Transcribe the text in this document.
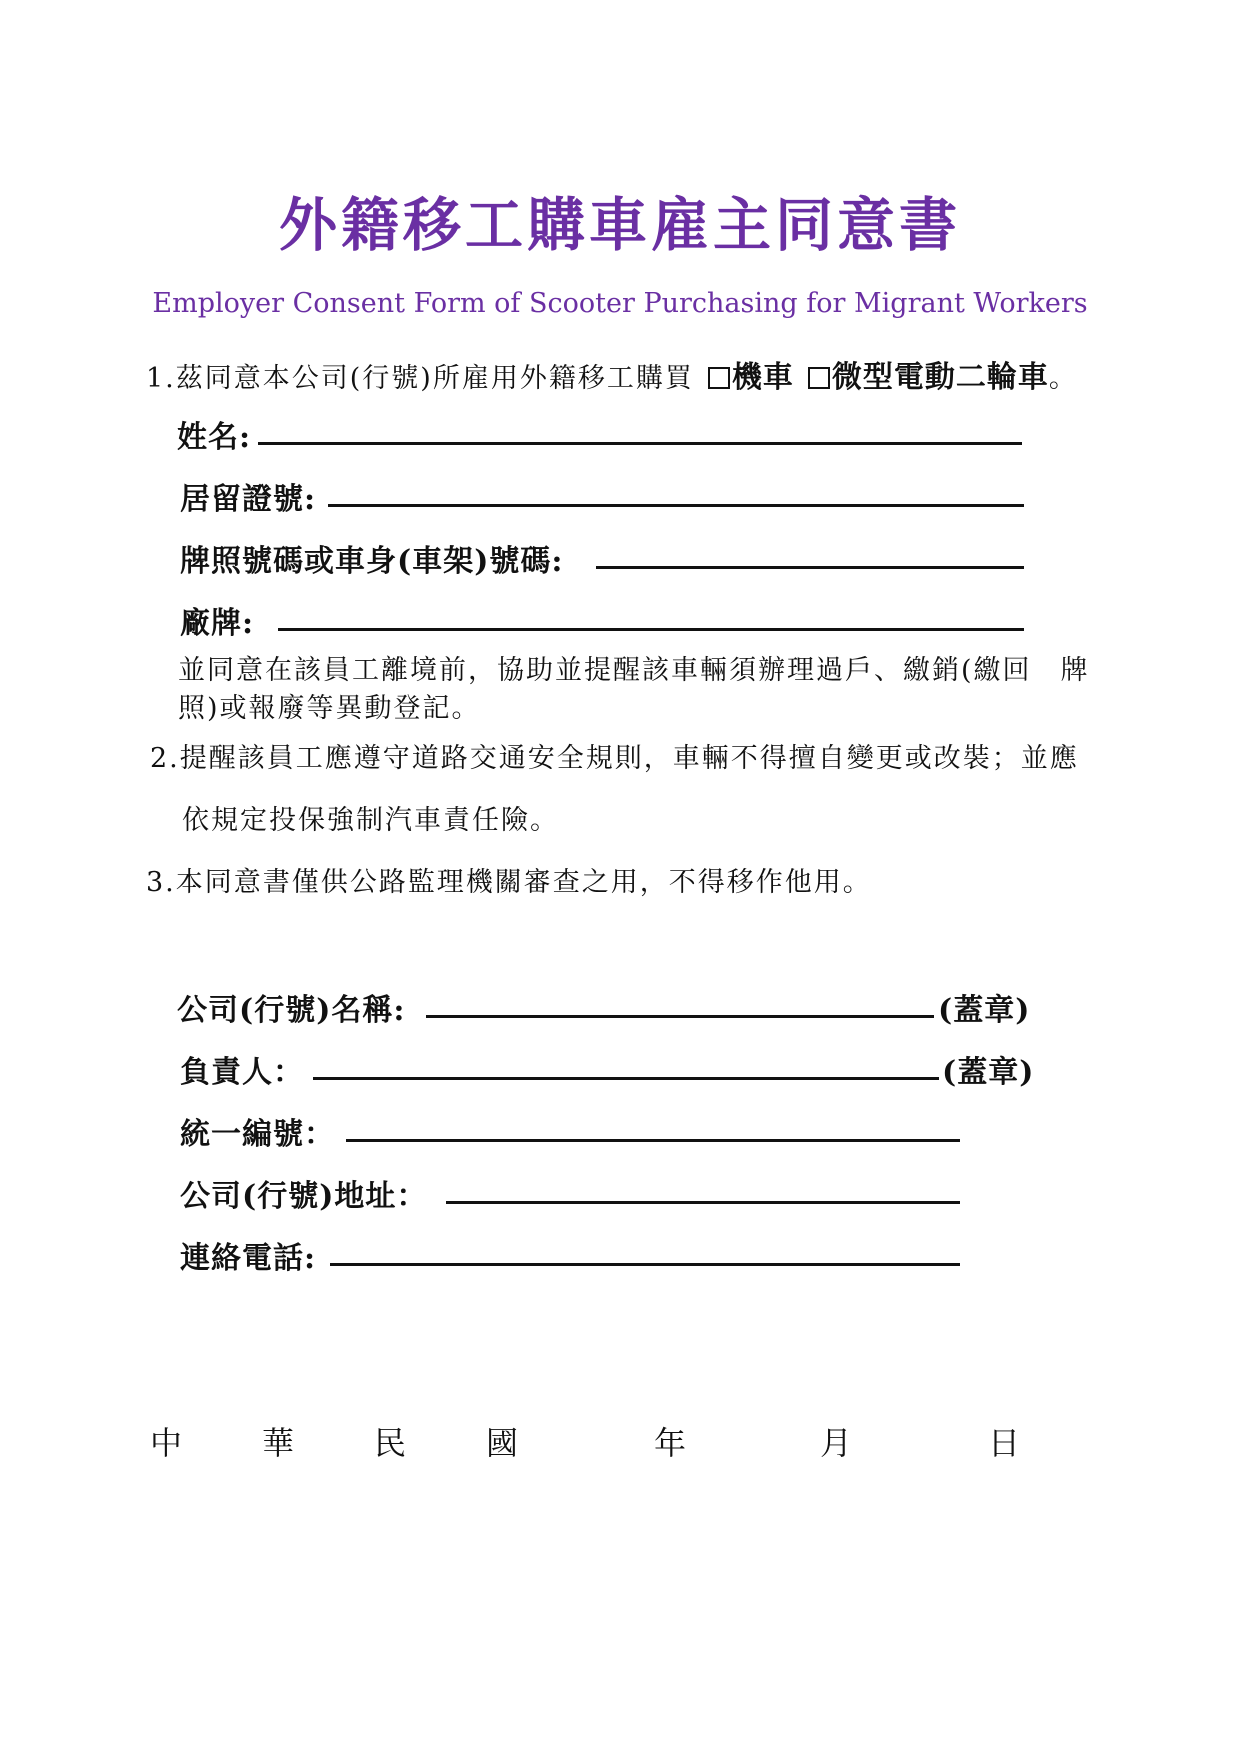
外籍移工購車雇主同意書
Employer Consent Form of Scooter Purchasing for Migrant Workers
1.茲同意本公司(行號)所雇用外籍移工購買 機車 微型電動二輪車。
姓名:
居留證號:
牌照號碼或車身(車架)號碼:
廠牌:
並同意在該員工離境前，協助並提醒該車輛須辦理過戶、繳銷(繳回　牌
照)或報廢等異動登記。
2.提醒該員工應遵守道路交通安全規則，車輛不得擅自變更或改裝；並應
依規定投保強制汽車責任險。
3.本同意書僅供公路監理機關審查之用，不得移作他用。
公司(行號)名稱:	(蓋章)
負責人：	(蓋章)
統一編號：
公司(行號)地址：
連絡電話:
中 華 民 國	年	月	日
